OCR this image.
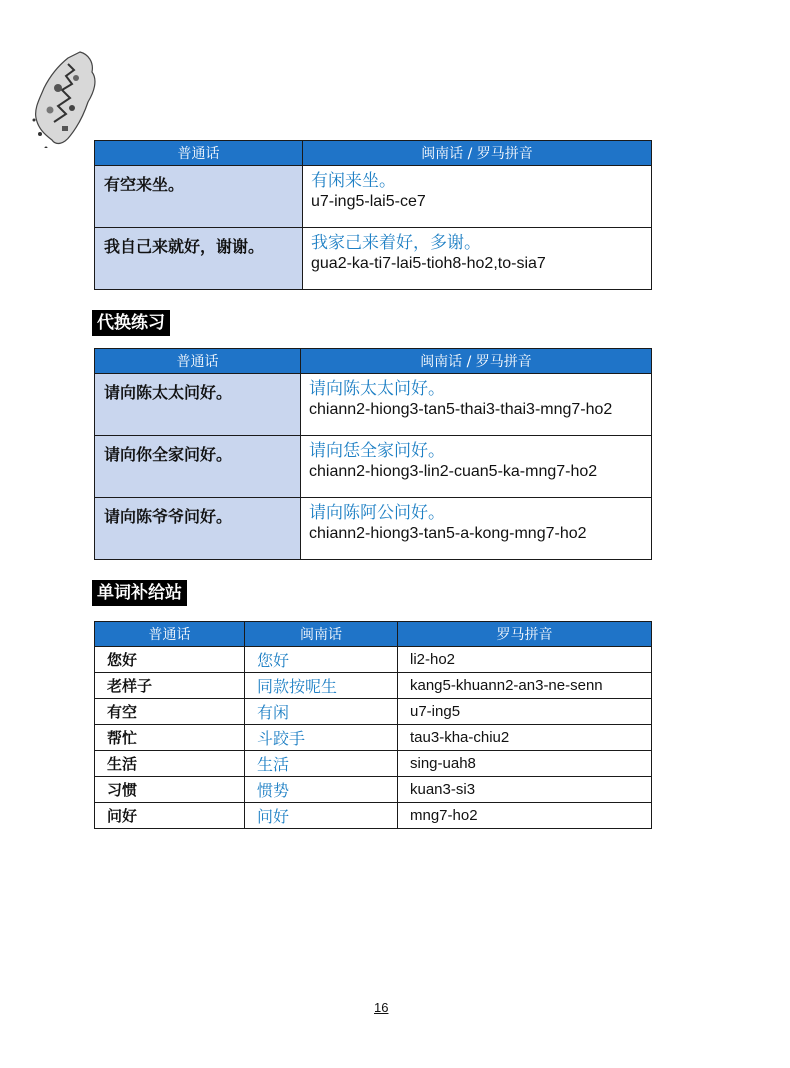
普通话	闽南话 / 罗马拼音
有空来坐。	有闲来坐。
u7-ing5-lai5-ce7

我自己来就好，谢谢。	我家己来着好，多谢。
gua2-ka-ti7-lai5-tioh8-ho2,to-sia7
代换练习
普通话	闽南话 / 罗马拼音
请向陈太太问好。	请向陈太太问好。
chiann2-hiong3-tan5-thai3-thai3-mng7-ho2

请向你全家问好。	请向恁全家问好。
chiann2-hiong3-lin2-cuan5-ka-mng7-ho2

请向陈爷爷问好。	请向陈阿公问好。
chiann2-hiong3-tan5-a-kong-mng7-ho2
单词补给站
普通话	闽南话	罗马拼音
您好	您好	li2-ho2
老样子	同款按呢生	kang5-khuann2-an3-ne-senn
有空	有闲	u7-ing5
帮忙	斗跤手	tau3-kha-chiu2
生活	生活	sing-uah8
习惯	惯势	kuan3-si3
问好	问好	mng7-ho2
16
